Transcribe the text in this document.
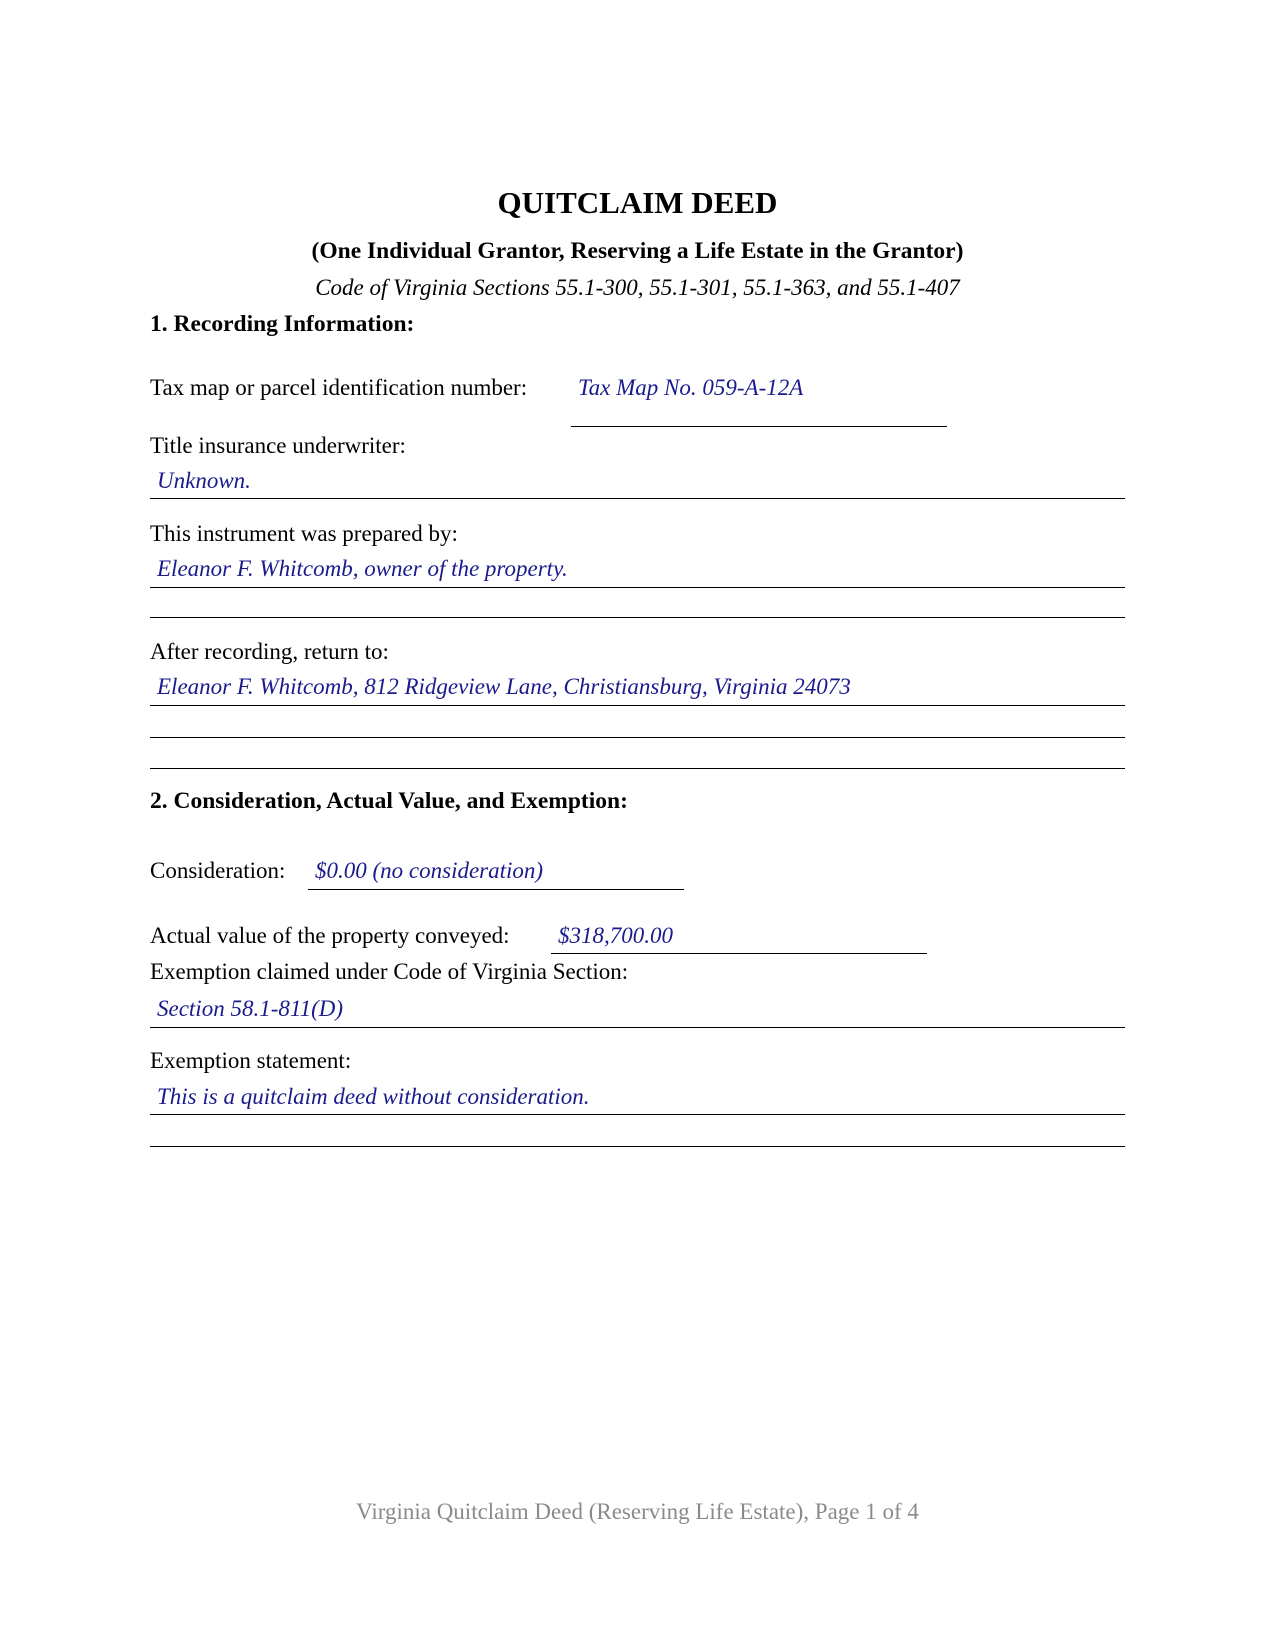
QUITCLAIM DEED
(One Individual Grantor, Reserving a Life Estate in the Grantor)
Code of Virginia Sections 55.1-300, 55.1-301, 55.1-363, and 55.1-407
1. Recording Information:
Tax map or parcel identification number: Tax Map No. 059-A-12A
Title insurance underwriter:
Unknown.
This instrument was prepared by:
Eleanor F. Whitcomb, owner of the property.
After recording, return to:
Eleanor F. Whitcomb, 812 Ridgeview Lane, Christiansburg, Virginia 24073
2. Consideration, Actual Value, and Exemption:
Consideration: $0.00 (no consideration)
Actual value of the property conveyed: $318,700.00
Exemption claimed under Code of Virginia Section:
Section 58.1-811(D)
Exemption statement:
This is a quitclaim deed without consideration.
Virginia Quitclaim Deed (Reserving Life Estate), Page 1 of 4
